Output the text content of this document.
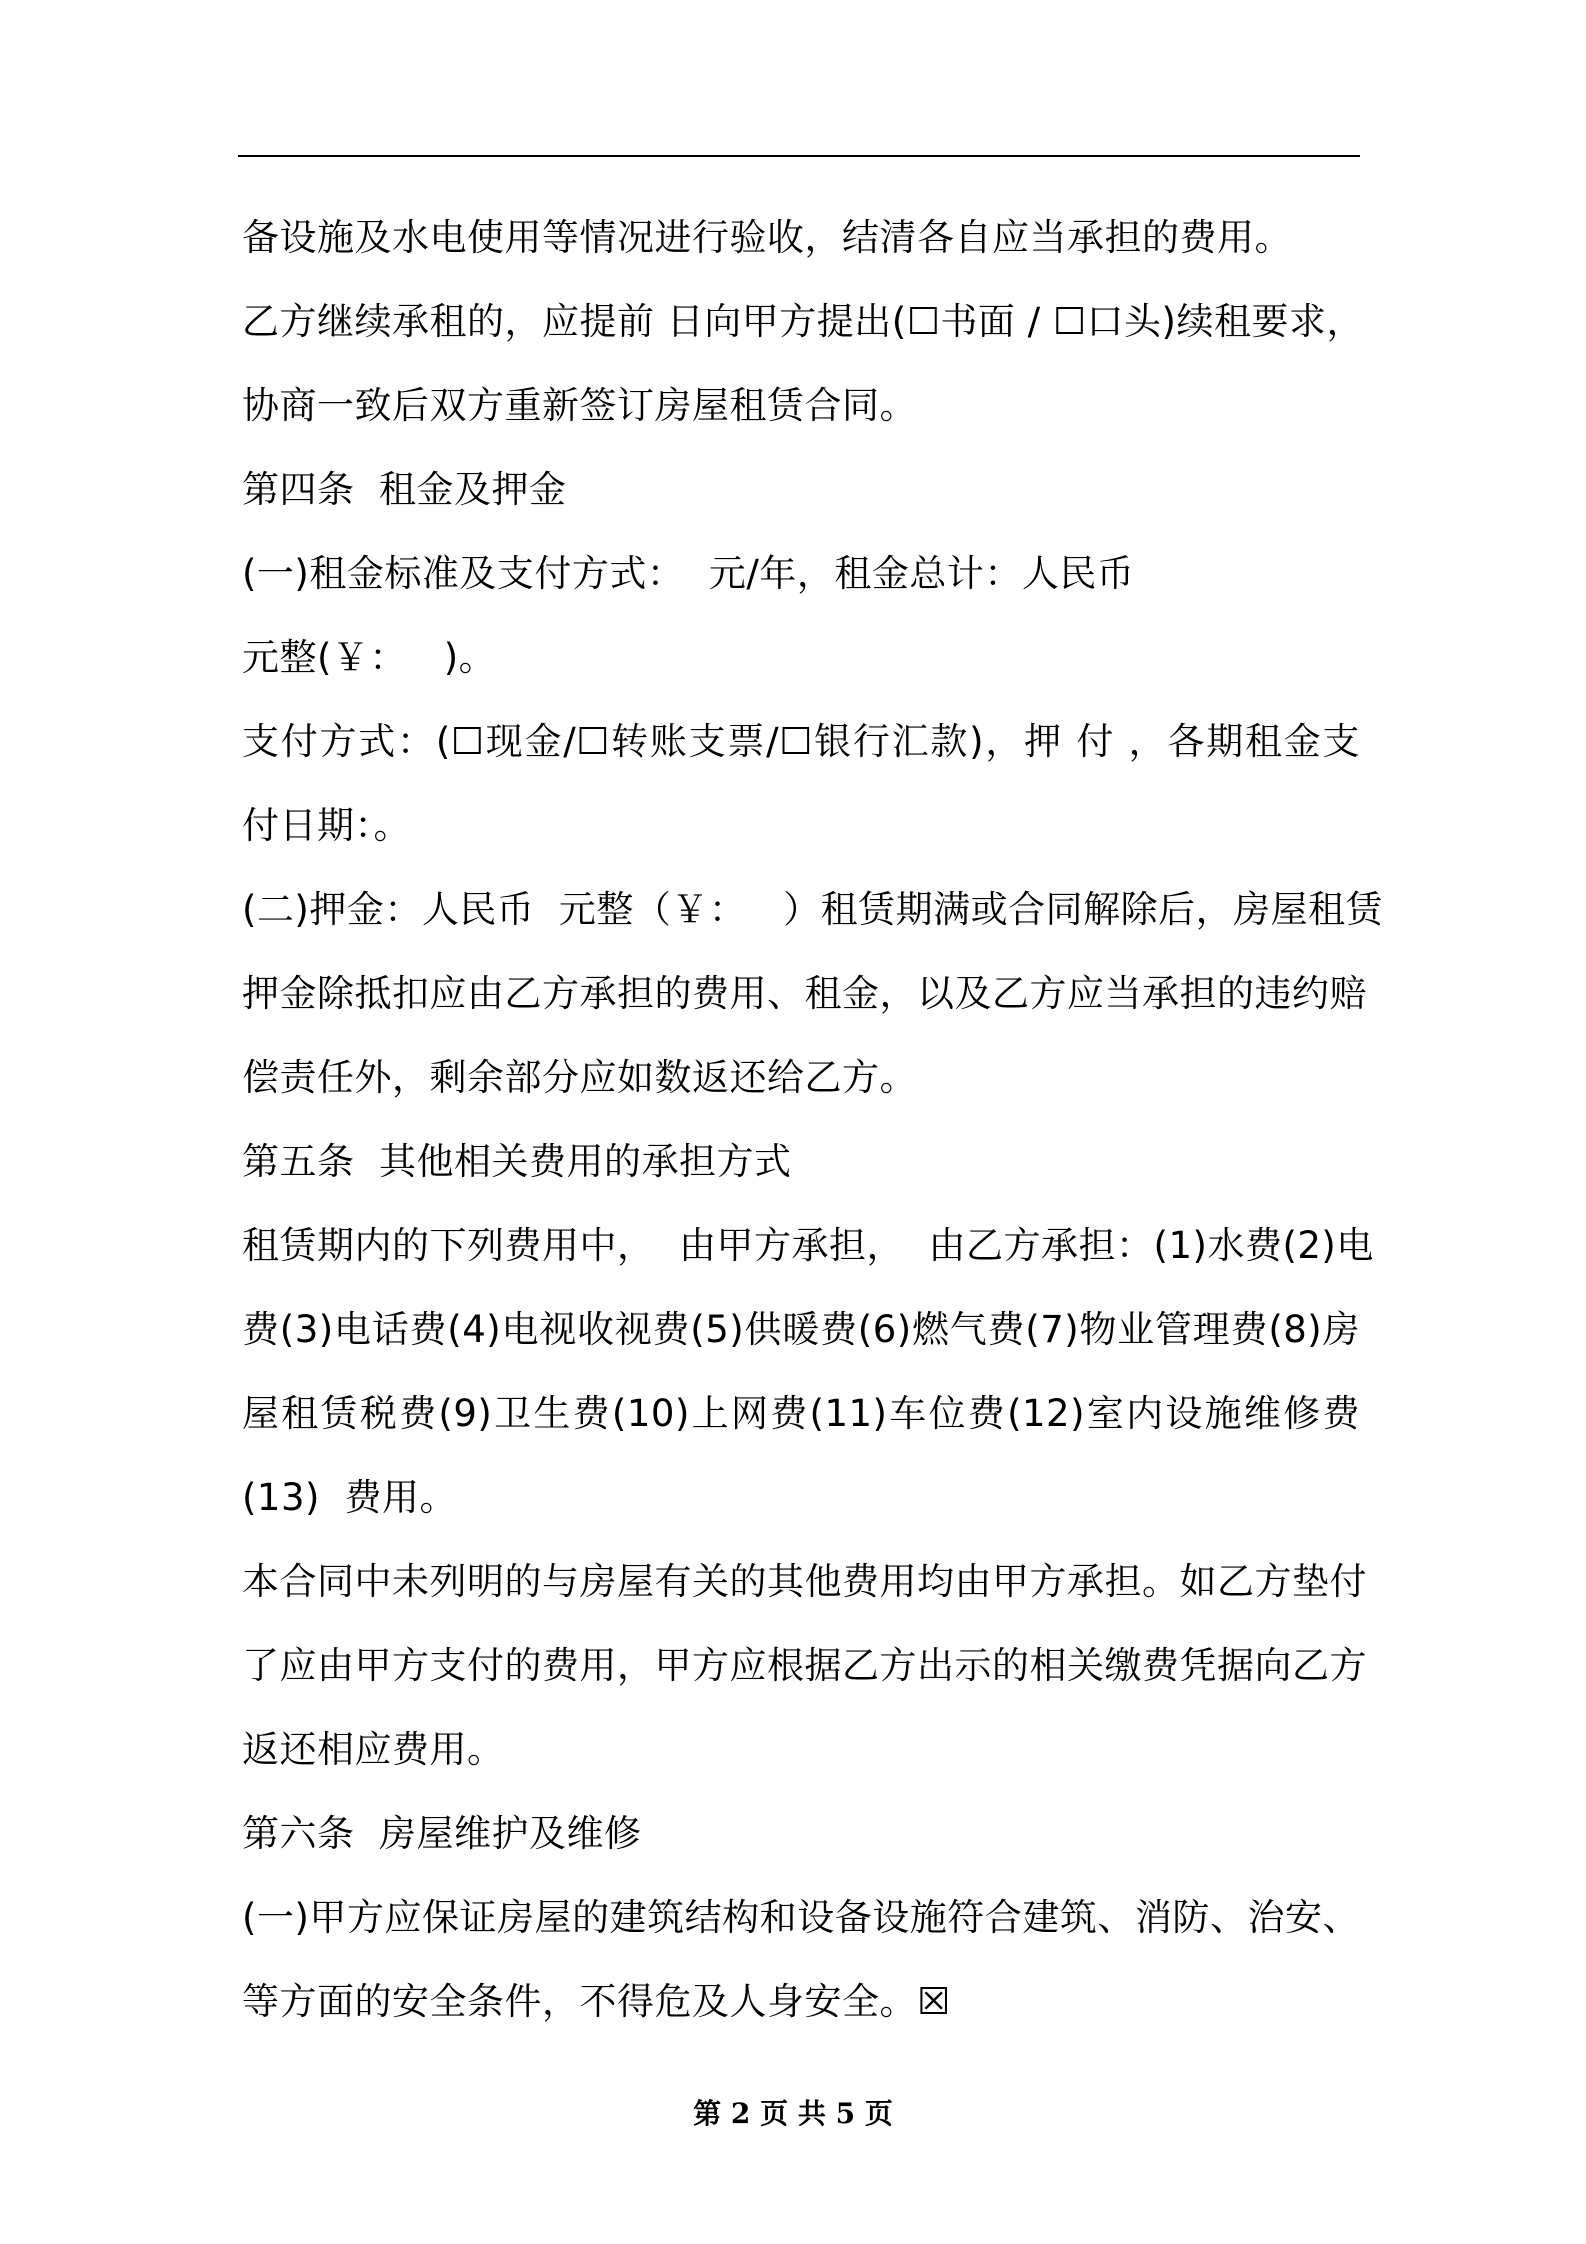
备设施及水电使用等情况进行验收，结清各自应当承担的费用。
乙方继续承租的，应提前 日向甲方提出(☐书面 / ☐口头)续租要求，
协商一致后双方重新签订房屋租赁合同。
第四条  租金及押金
(一)租金标准及支付方式：  元/年，租金总计：人民币
元整(￥：   )。
支付方式：(☐现金/☐转账支票/☐银行汇款)，押 付 ，各期租金支
付日期：。
(二)押金：人民币  元整（￥：   ）租赁期满或合同解除后，房屋租赁
押金除抵扣应由乙方承担的费用、租金，以及乙方应当承担的违约赔
偿责任外，剩余部分应如数返还给乙方。
第五条  其他相关费用的承担方式
租赁期内的下列费用中，  由甲方承担，  由乙方承担：(1)水费(2)电
费(3)电话费(4)电视收视费(5)供暖费(6)燃气费(7)物业管理费(8)房
屋租赁税费(9)卫生费(10)上网费(11)车位费(12)室内设施维修费
(13)  费用。
本合同中未列明的与房屋有关的其他费用均由甲方承担。如乙方垫付
了应由甲方支付的费用，甲方应根据乙方出示的相关缴费凭据向乙方
返还相应费用。
第六条  房屋维护及维修
(一)甲方应保证房屋的建筑结构和设备设施符合建筑、消防、治安、
等方面的安全条件，不得危及人身安全。☒
第 2 页 共 5 页
